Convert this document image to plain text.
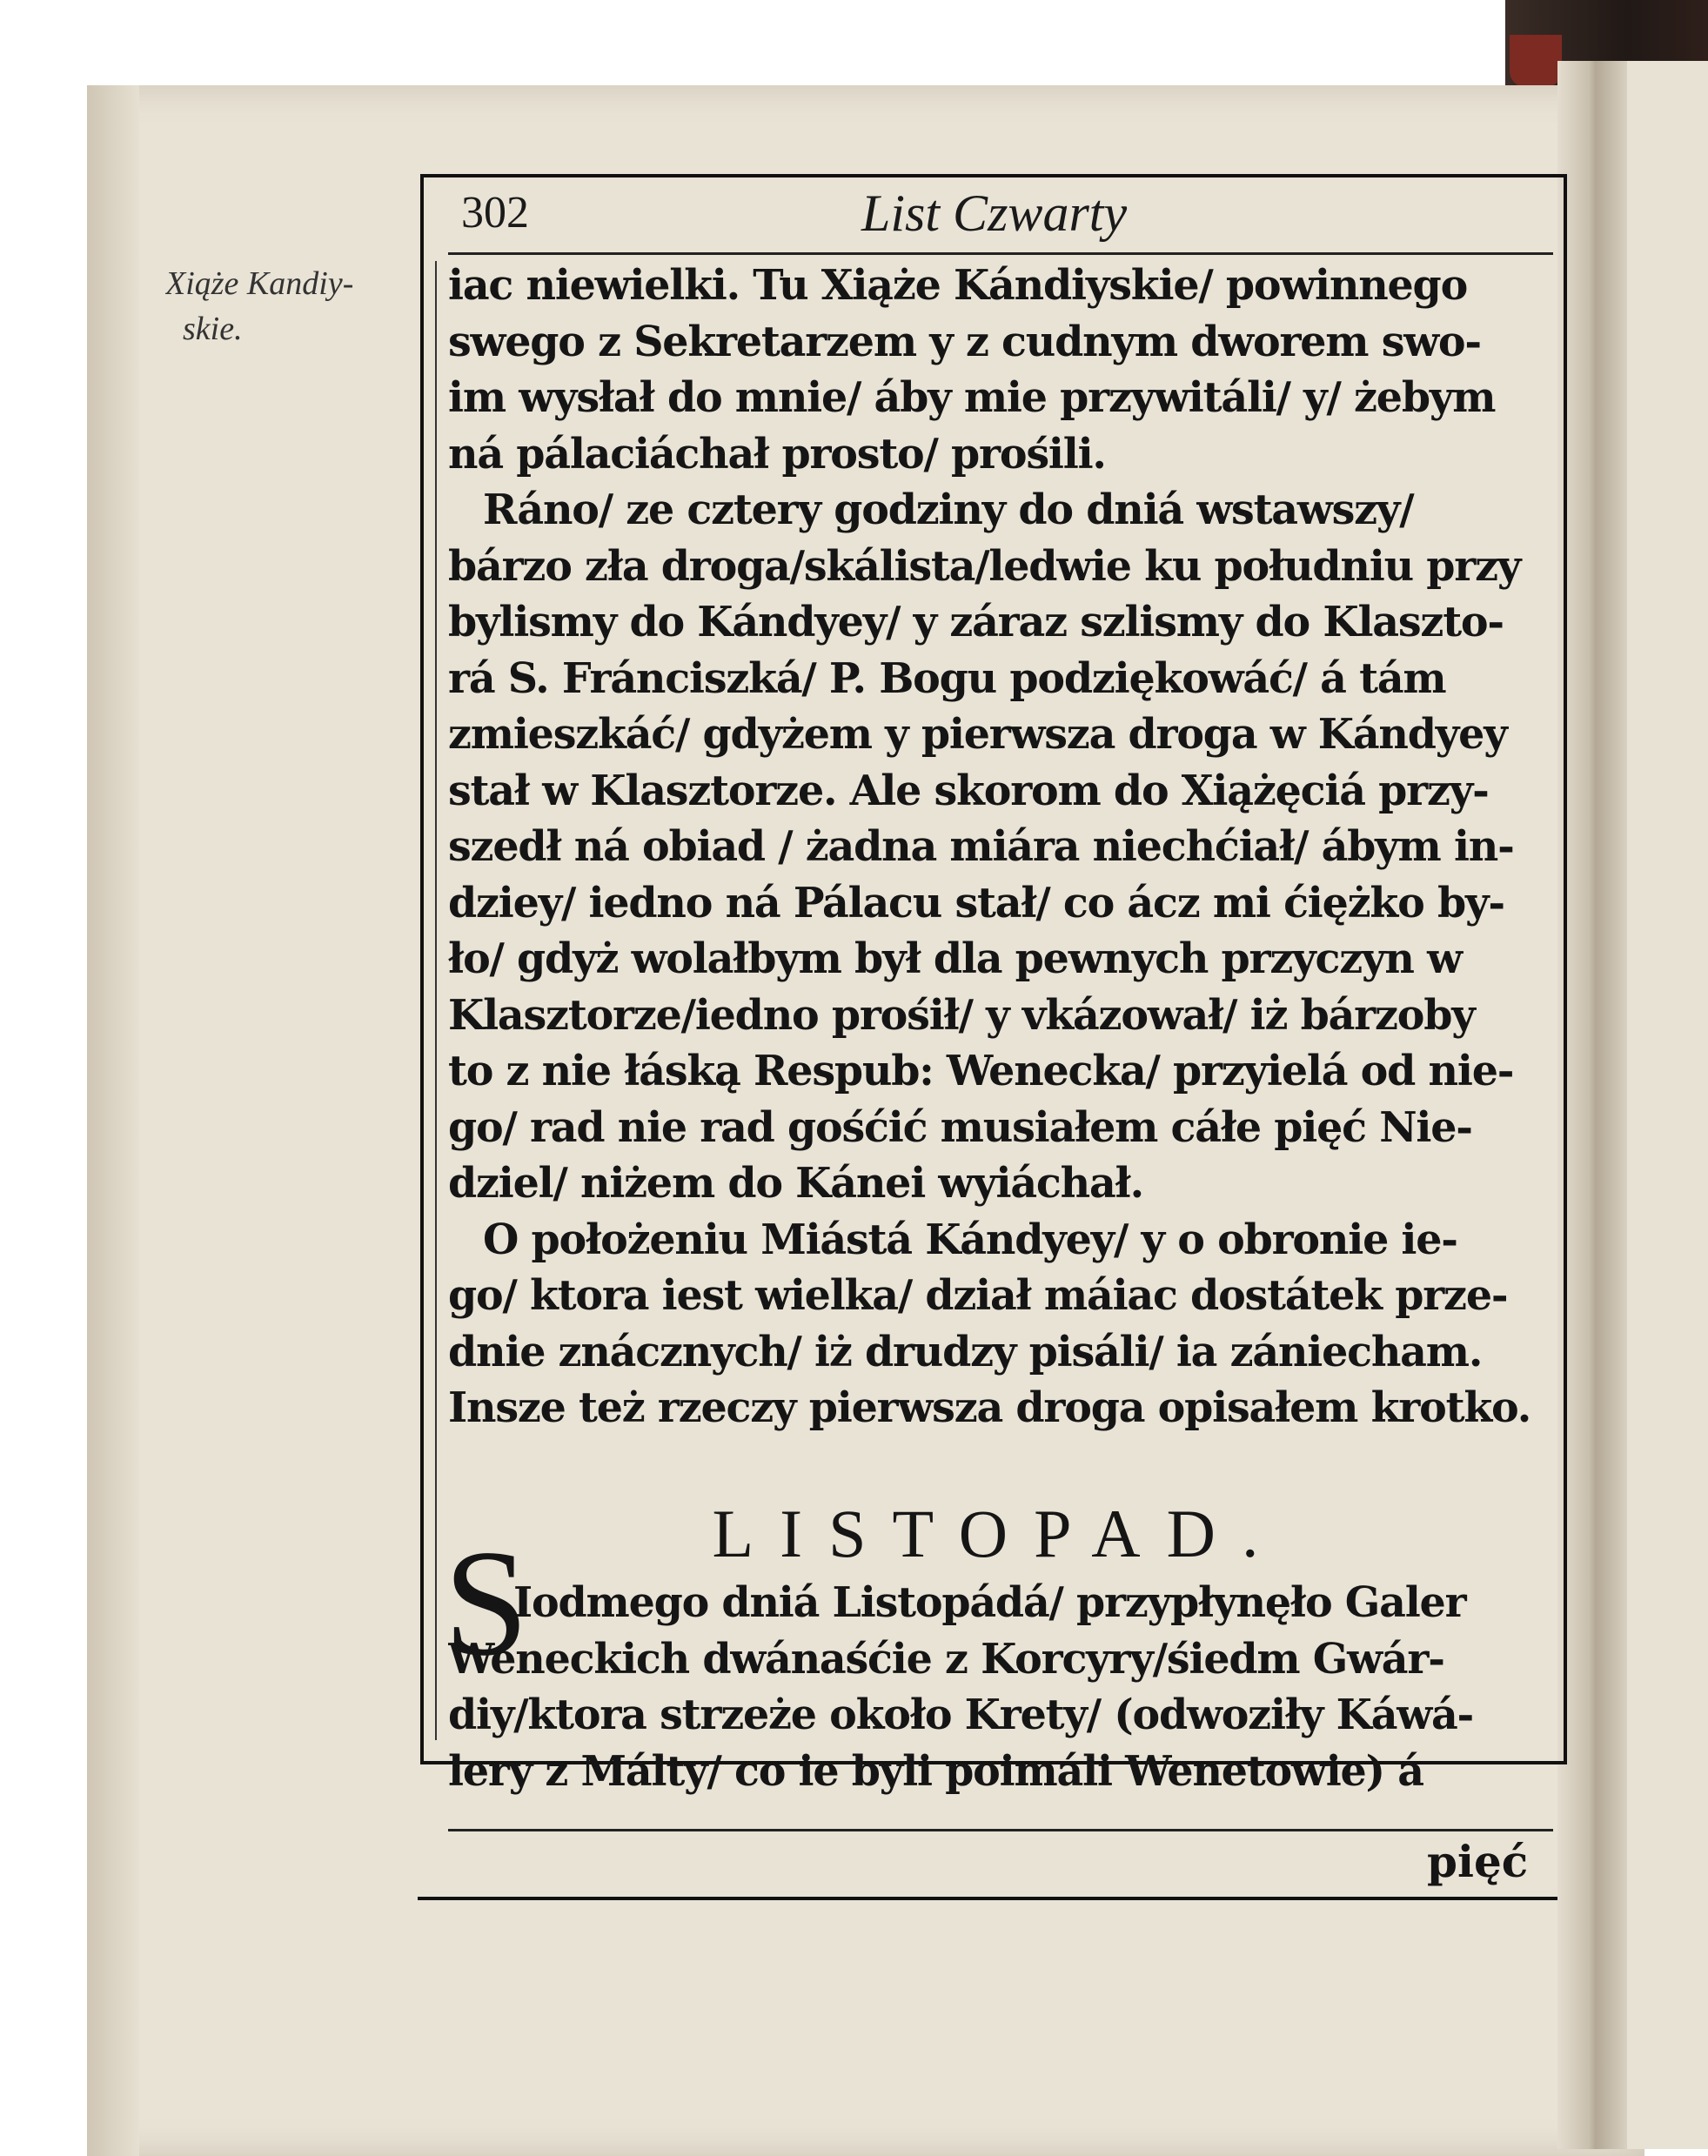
302	List Czwarty
Xiąże Kandiy-
skie.
iac niewielki. Tu Xiąże Kándiyskie/ powinnego
swego z Sekretarzem y z cudnym dworem swo-
im wysłał do mnie/ áby mie przywitáli/ y/ żebym
ná pálaciáchał prosto/ prośili.
Ráno/ ze cztery godziny do dniá wstawszy/
bárzo zła droga/skálista/ledwie ku południu przy
bylismy do Kándyey/ y záraz szlismy do Klaszto-
rá S. Fránciszká/ P. Bogu podziękowáć/ á tám
zmieszkáć/ gdyżem y pierwsza droga w Kándyey
stał w Klasztorze. Ale skorom do Xiążęciá przy-
szedł ná obiad / żadna miára niechćiał/ ábym in-
dziey/ iedno ná Pálacu stał/ co ácz mi ćiężko by-
ło/ gdyż wolałbym był dla pewnych przyczyn w
Klasztorze/iedno prośił/ y vkázował/ iż bárzoby
to z nie łáską Respub: Wenecka/ przyielá od nie-
go/ rad nie rad gośćić musiałem cáłe pięć Nie-
dziel/ niżem do Kánei wyiáchał.
O położeniu Miástá Kándyey/ y o obronie ie-
go/ ktora iest wielka/ dział máiac dostátek prze-
dnie znácznych/ iż drudzy pisáli/ ia zániecham.
Insze też rzeczy pierwsza droga opisałem krotko.
LISTOPAD.
S
Iodmego dniá Listopádá/ przypłynęło Galer
Weneckich dwánaśćie z Korcyry/śiedm Gwár-
diy/ktora strzeże około Krety/ (odwoziły Káwá-
lery z Málty/ co ie byli poimáli Wenetowie) á
pięć
